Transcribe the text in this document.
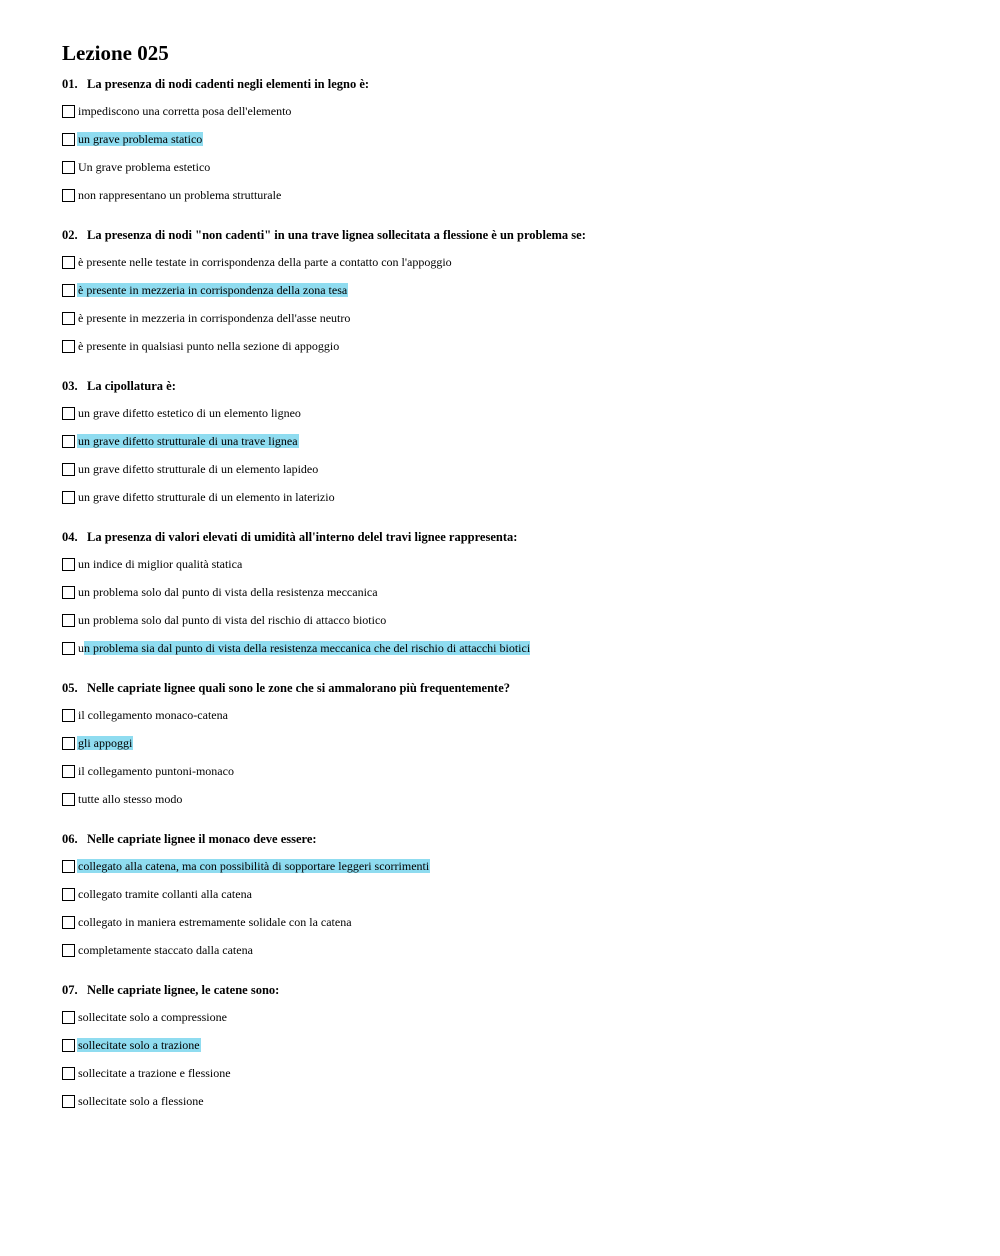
Lezione 025
01. La presenza di nodi cadenti negli elementi in legno è:
impediscono una corretta posa dell'elemento
un grave problema statico
Un grave problema estetico
non rappresentano un problema strutturale
02. La presenza di nodi "non cadenti" in una trave lignea sollecitata a flessione è un problema se:
è presente nelle testate in corrispondenza della parte a contatto con l'appoggio
è presente in mezzeria in corrispondenza della zona tesa
è presente in mezzeria in corrispondenza dell'asse neutro
è presente in qualsiasi punto nella sezione di appoggio
03. La cipollatura è:
un grave difetto estetico di un elemento ligneo
un grave difetto strutturale di una trave lignea
un grave difetto strutturale di un elemento lapideo
un grave difetto strutturale di un elemento in laterizio
04. La presenza di valori elevati di umidità all'interno delel travi lignee rappresenta:
un indice di miglior qualità statica
un problema solo dal punto di vista della resistenza meccanica
un problema solo dal punto di vista del rischio di attacco biotico
un problema sia dal punto di vista della resistenza meccanica che del rischio di attacchi biotici
05. Nelle capriate lignee quali sono le zone che si ammalorano più frequentemente?
il collegamento monaco-catena
gli appoggi
il collegamento puntoni-monaco
tutte allo stesso modo
06. Nelle capriate lignee il monaco deve essere:
collegato alla catena, ma con possibilità di sopportare leggeri scorrimenti
collegato tramite collanti alla catena
collegato in maniera estremamente solidale con la catena
completamente staccato dalla catena
07. Nelle capriate lignee, le catene sono:
sollecitate solo a compressione
sollecitate solo a trazione
sollecitate a trazione e flessione
sollecitate solo a flessione
